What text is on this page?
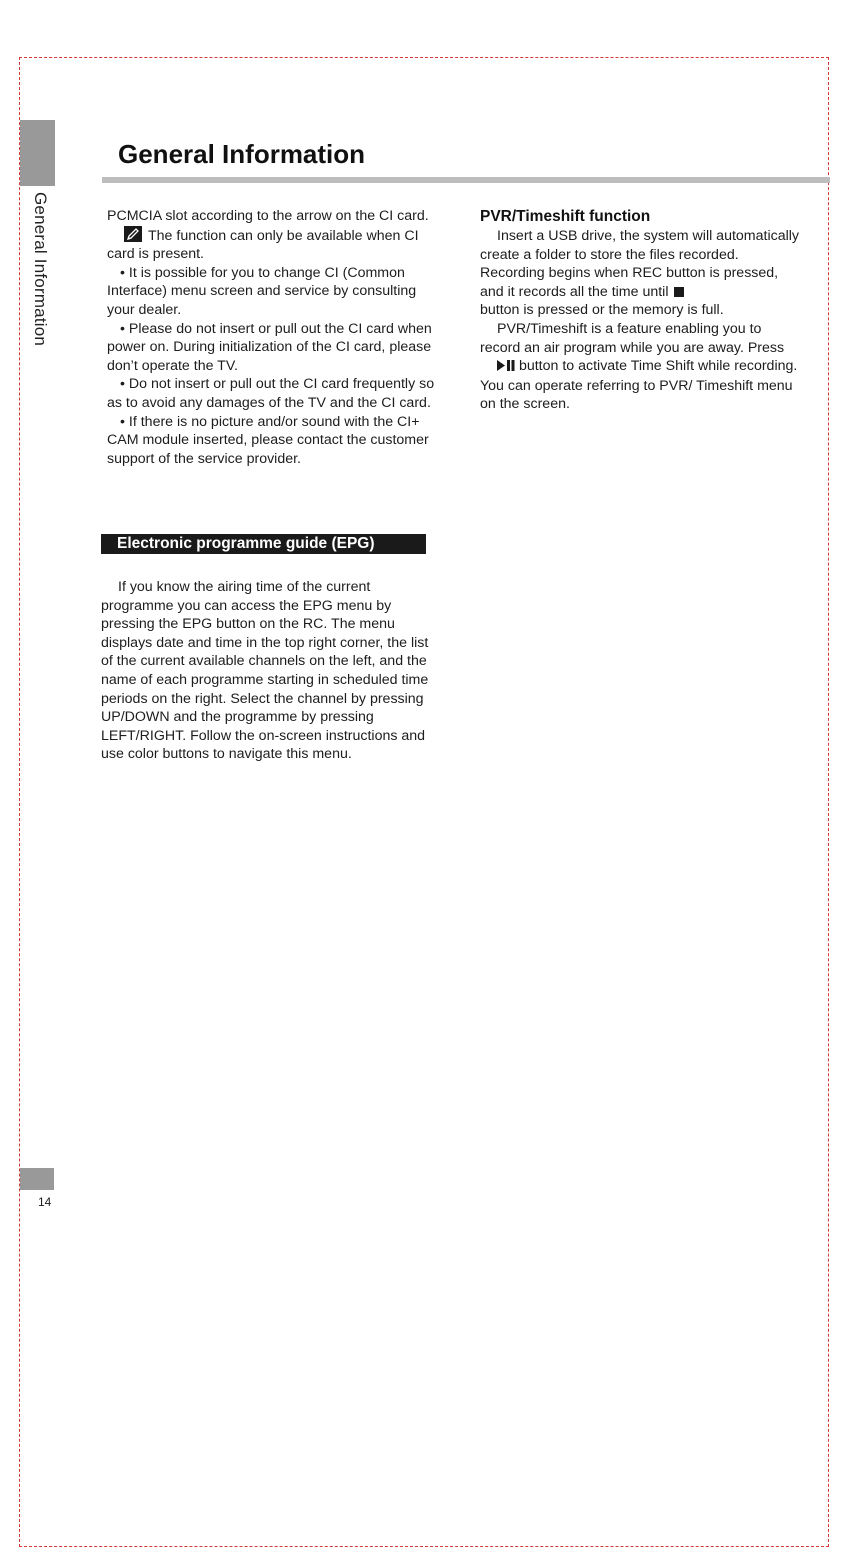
General Information
General Information

PCMCIA slot according to the arrow on the CI card.

The function can only be available when CI card is present.

• It is possible for you to change CI (Common Interface) menu screen and service by consulting your dealer.

• Please do not insert or pull out the CI card when power on. During initialization of the CI card, please don’t operate the TV.

• Do not insert or pull out the CI card frequently so as to avoid any damages of the TV and the CI card.

• If there is no picture and/or sound with the CI+ CAM module inserted, please contact the customer support of the service provider.

Electronic programme guide (EPG)

If you know the airing time of the current programme you can access the EPG menu by pressing the EPG button on the RC. The menu displays date and time in the top right corner, the list of the current available channels on the left, and the name of each programme starting in scheduled time periods on the right. Select the channel by pressing UP/DOWN and the programme by pressing LEFT/RIGHT. Follow the on-screen instructions and use color buttons to navigate this menu.

PVR/Timeshift function

Insert a USB drive, the system will automatically create a folder to store the files recorded. Recording begins when REC button is pressed, and it records all the time until
button is pressed or the memory is full.

PVR/Timeshift is a feature enabling you to record an air program while you are away. Press  button to activate Time Shift while recording. You can operate referring to PVR/ Timeshift menu on the screen.

14
